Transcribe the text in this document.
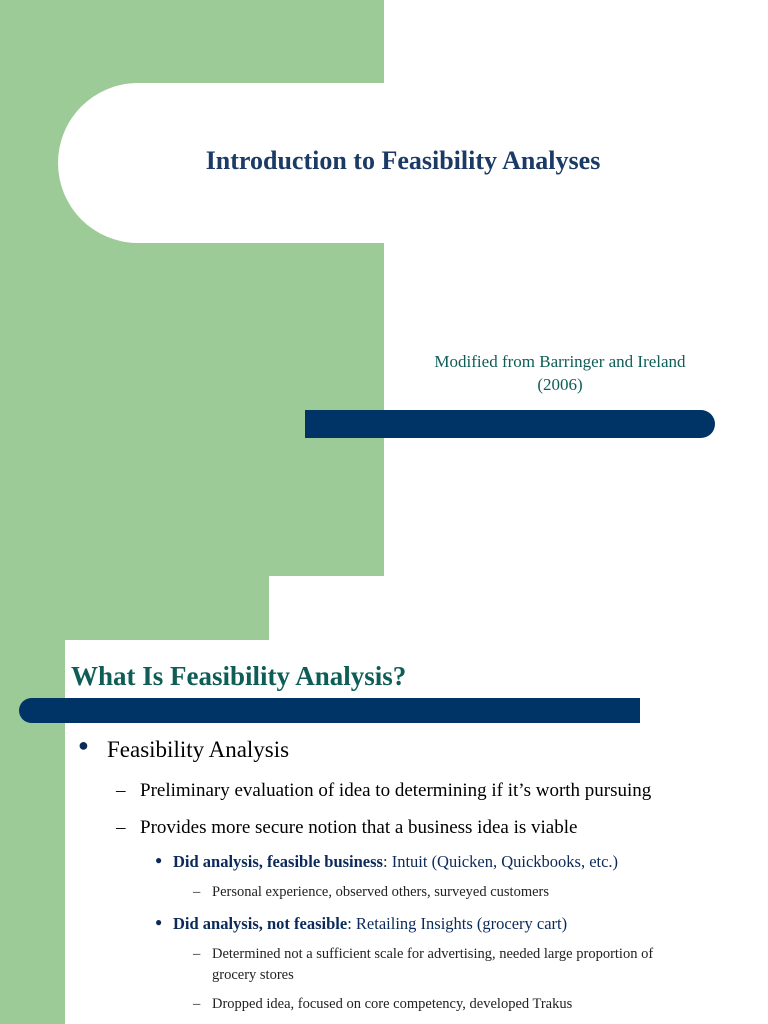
Introduction to Feasibility Analyses
Modified from Barringer and Ireland
(2006)
What Is Feasibility Analysis?
● Feasibility Analysis
– Preliminary evaluation of idea to determining if it’s worth pursuing
– Provides more secure notion that a business idea is viable
● Did analysis, feasible business: Intuit (Quicken, Quickbooks, etc.)
– Personal experience, observed others, surveyed customers
● Did analysis, not feasible: Retailing Insights (grocery cart)
– Determined not a sufficient scale for advertising, needed large proportion of
grocery stores
– Dropped idea, focused on core competency, developed Trakus
